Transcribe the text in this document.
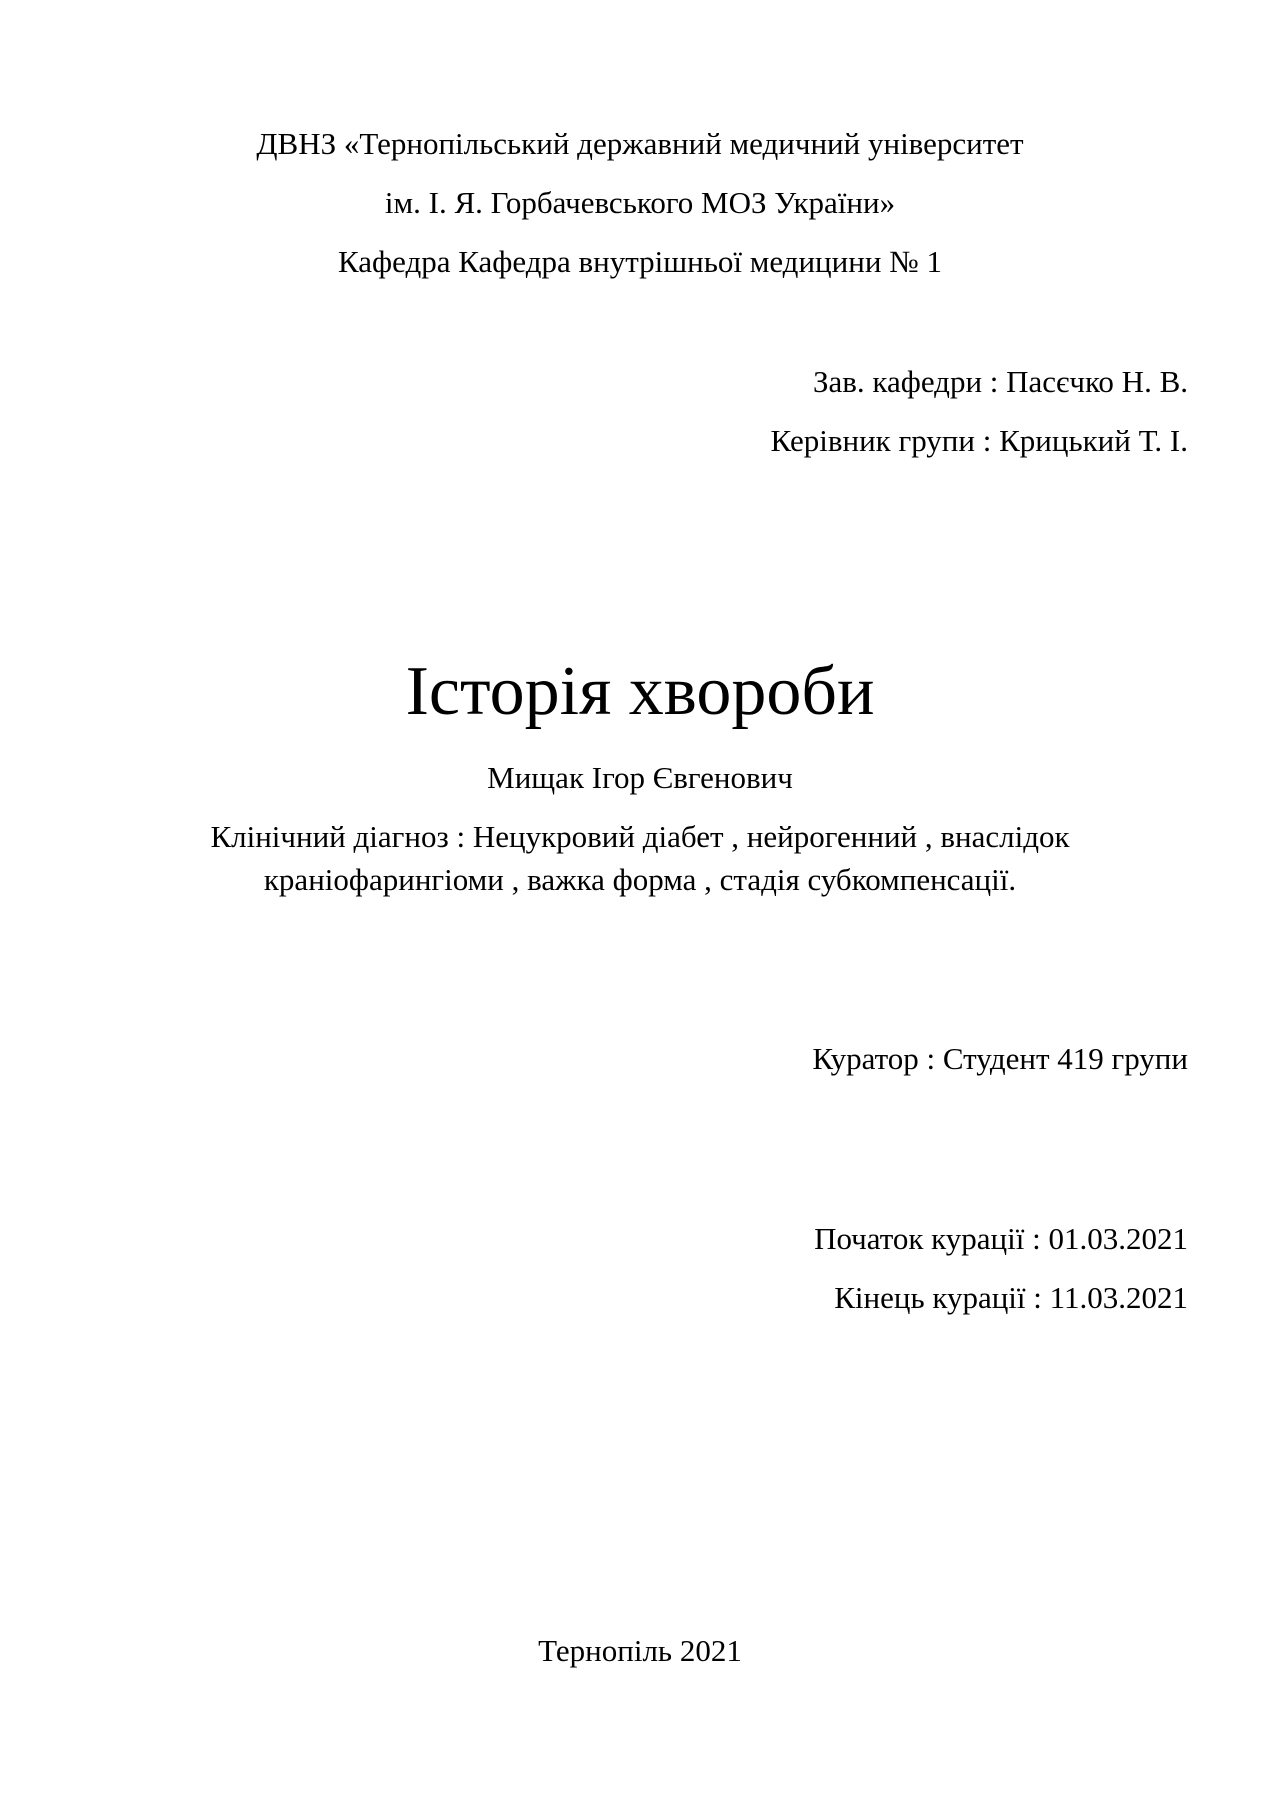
ДВНЗ «Тернопільський державний медичний університет

ім. І. Я. Горбачевського МОЗ України»

Кафедра Кафедра внутрішньої медицини № 1

Зав. кафедри : Пасєчко Н. В.

Керівник групи : Крицький Т. І.

Історія хвороби

Мищак Ігор Євгенович

Клінічний діагноз : Нецукровий діабет , нейрогенний , внаслідок

краніофарингіоми , важка форма , стадія субкомпенсації.

Куратор : Студент 419 групи

Початок курації : 01.03.2021

Кінець курації : 11.03.2021

Тернопіль 2021
